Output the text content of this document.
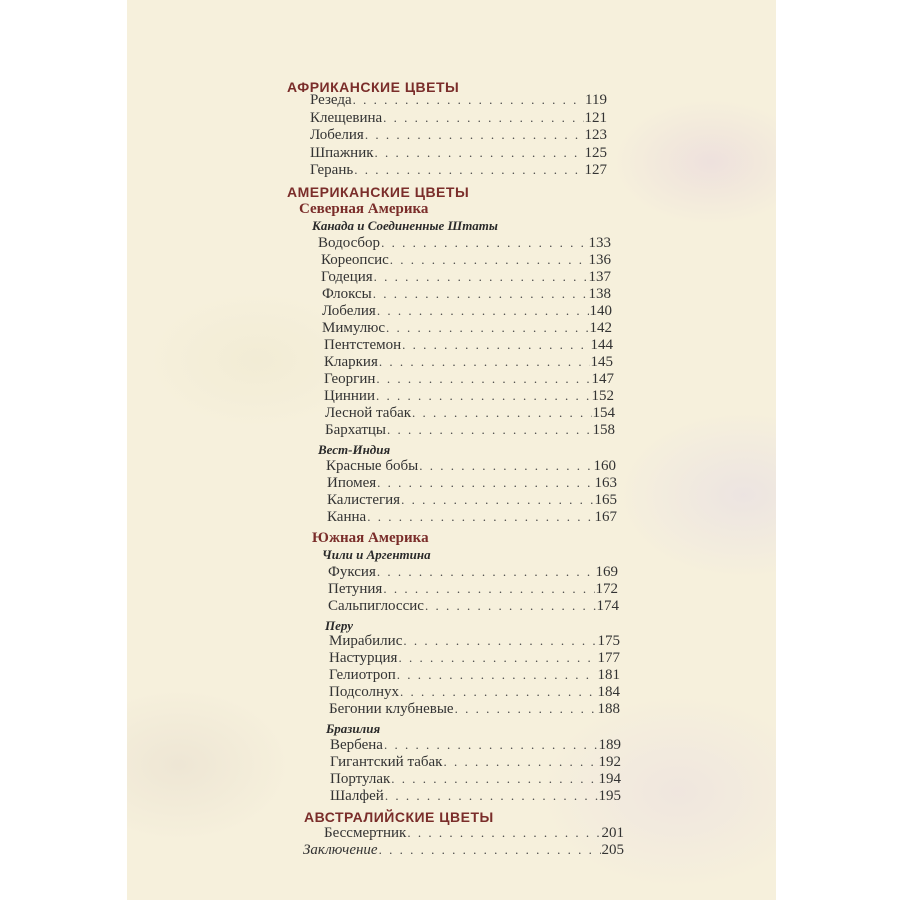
АФРИКАНСКИЕ ЦВЕТЫ
Резеда . . .	119
Клещевина . . .	121
Лобелия . . .	123
Шпажник . . .	125
Герань . . .	127
АМЕРИКАНСКИЕ ЦВЕТЫ
Северная Америка
Канада и Соединенные Штаты
Водосбор . . .	133
Кореопсис . . .	136
Годеция . . .	137
Флоксы . . .	138
Лобелия . . .	140
Мимулюс . . .	142
Пентстемон . . .	144
Кларкия . . .	145
Георгин . . .	147
Циннии . . .	152
Лесной табак . . .	154
Бархатцы . . .	158
Вест-Индия
Красные бобы . . .	160
Ипомея . . .	163
Калистегия . . .	165
Канна . . .	167
Южная Америка
Чили и Аргентина
Фуксия . . .	169
Петуния . . .	172
Сальпиглоссис . . .	174
Перу
Мирабилис . . .	175
Настурция . . .	177
Гелиотроп . . .	181
Подсолнух . . .	184
Бегонии клубневые . . .	188
Бразилия
Вербена . . .	189
Гигантский табак . . .	192
Портулак . . .	194
Шалфей . . .	195
АВСТРАЛИЙСКИЕ ЦВЕТЫ
Бессмертник . . .	201
Заключение . . .	205
